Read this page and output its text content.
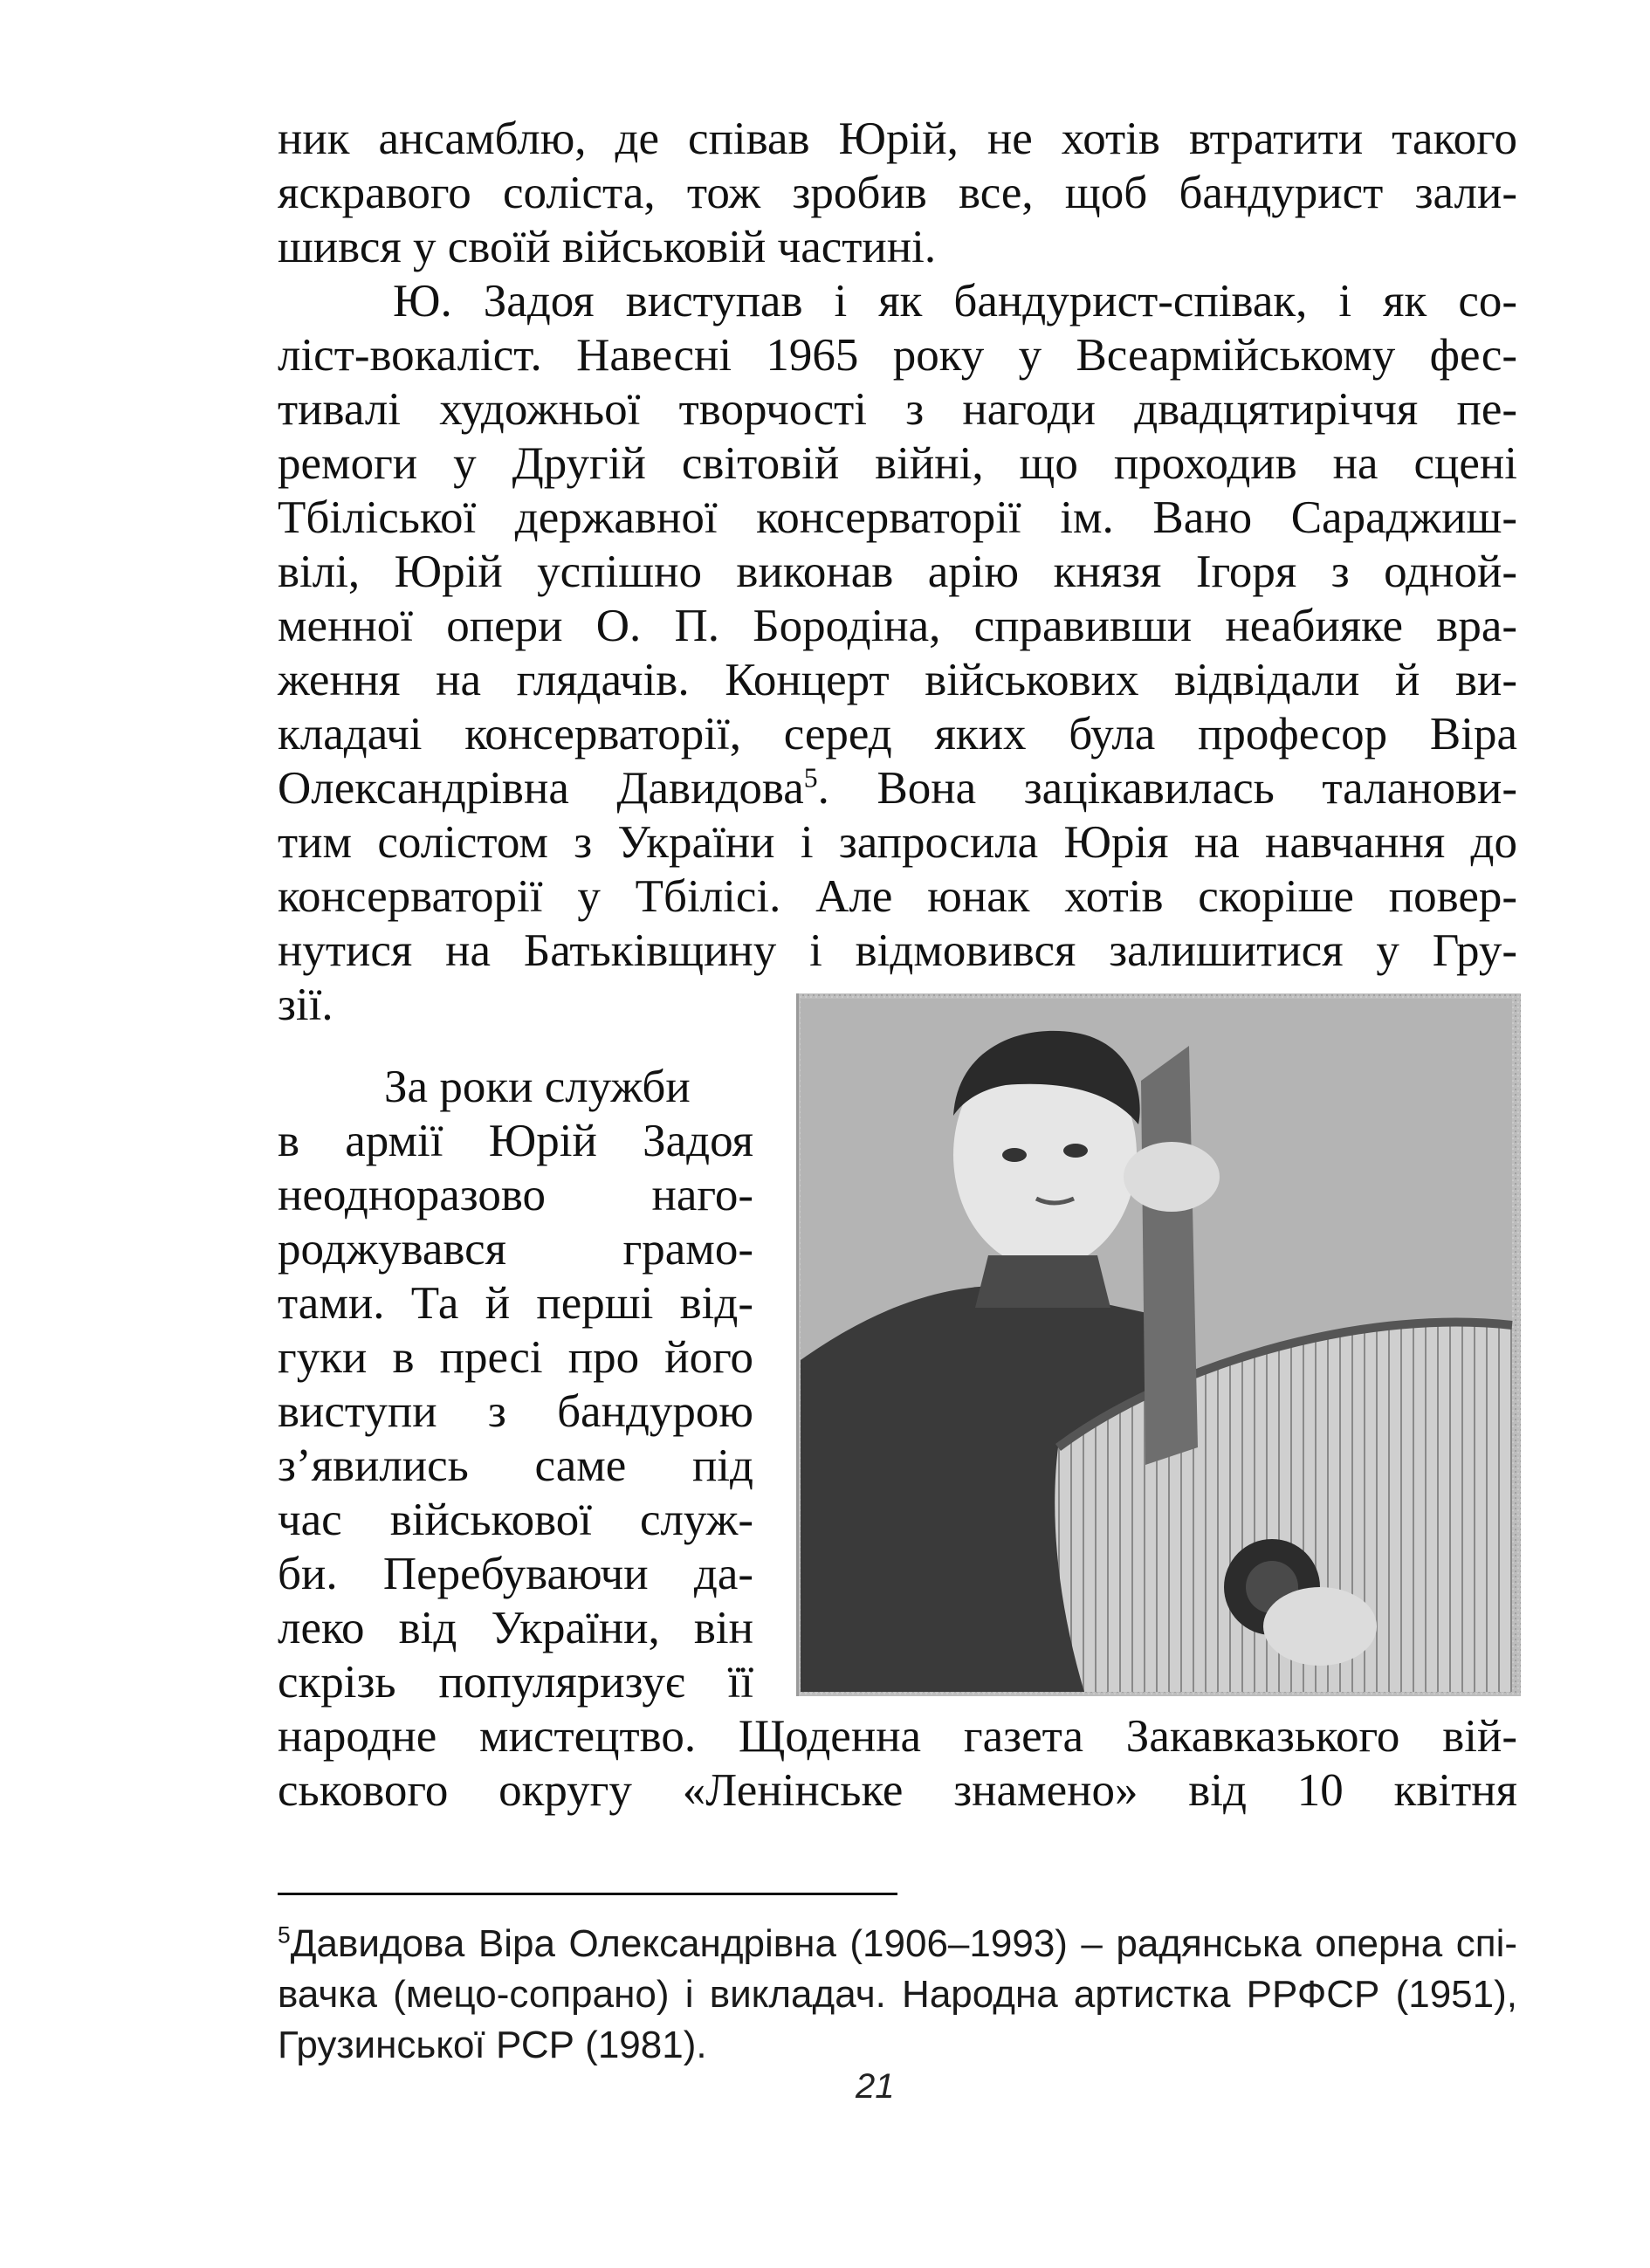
ник ансамблю, де співав Юрій, не хотів втратити такого
яскравого соліста, тож зробив все, щоб бандурист зали-
шився у своїй військовій частині.
Ю. Задоя виступав і як бандурист-співак, і як со-
ліст-вокаліст. Навесні 1965 року у Всеармійському фес-
тивалі художньої творчості з нагоди двадцятиріччя пе-
ремоги у Другій світовій війні, що проходив на сцені
Тбіліської державної консерваторії ім. Вано Сараджиш-
вілі, Юрій успішно виконав арію князя Ігоря з одной-
менної опери О. П. Бородіна, справивши неабияке вра-
ження на глядачів. Концерт військових відвідали й ви-
кладачі консерваторії, серед яких була професор Віра
Олександрівна Давидова$^5$. Вона зацікавилась таланови-
тим солістом з України і запросила Юрія на навчання до
консерваторії у Тбілісі. Але юнак хотів скоріше повер-
нутися на Батьківщину і відмовився залишитися у Гру-
зії.
За роки служби
в армії Юрій Задоя
неодноразово наго-
роджувався грамо-
тами. Та й перші від-
гуки в пресі про його
виступи з бандурою
з’явились саме під
час військової служ-
би. Перебуваючи да-
леко від України, він
скрізь популяризує її
народне мистецтво. Щоденна газета Закавказького вій-
ськового округу «Ленінське знамено» від 10 квітня
$^5$Давидова Віра Олександрівна (1906–1993) – радянська оперна спі-
вачка (мецо-сопрано) і викладач. Народна артистка РРФСР (1951),
Грузинської РСР (1981).
21
